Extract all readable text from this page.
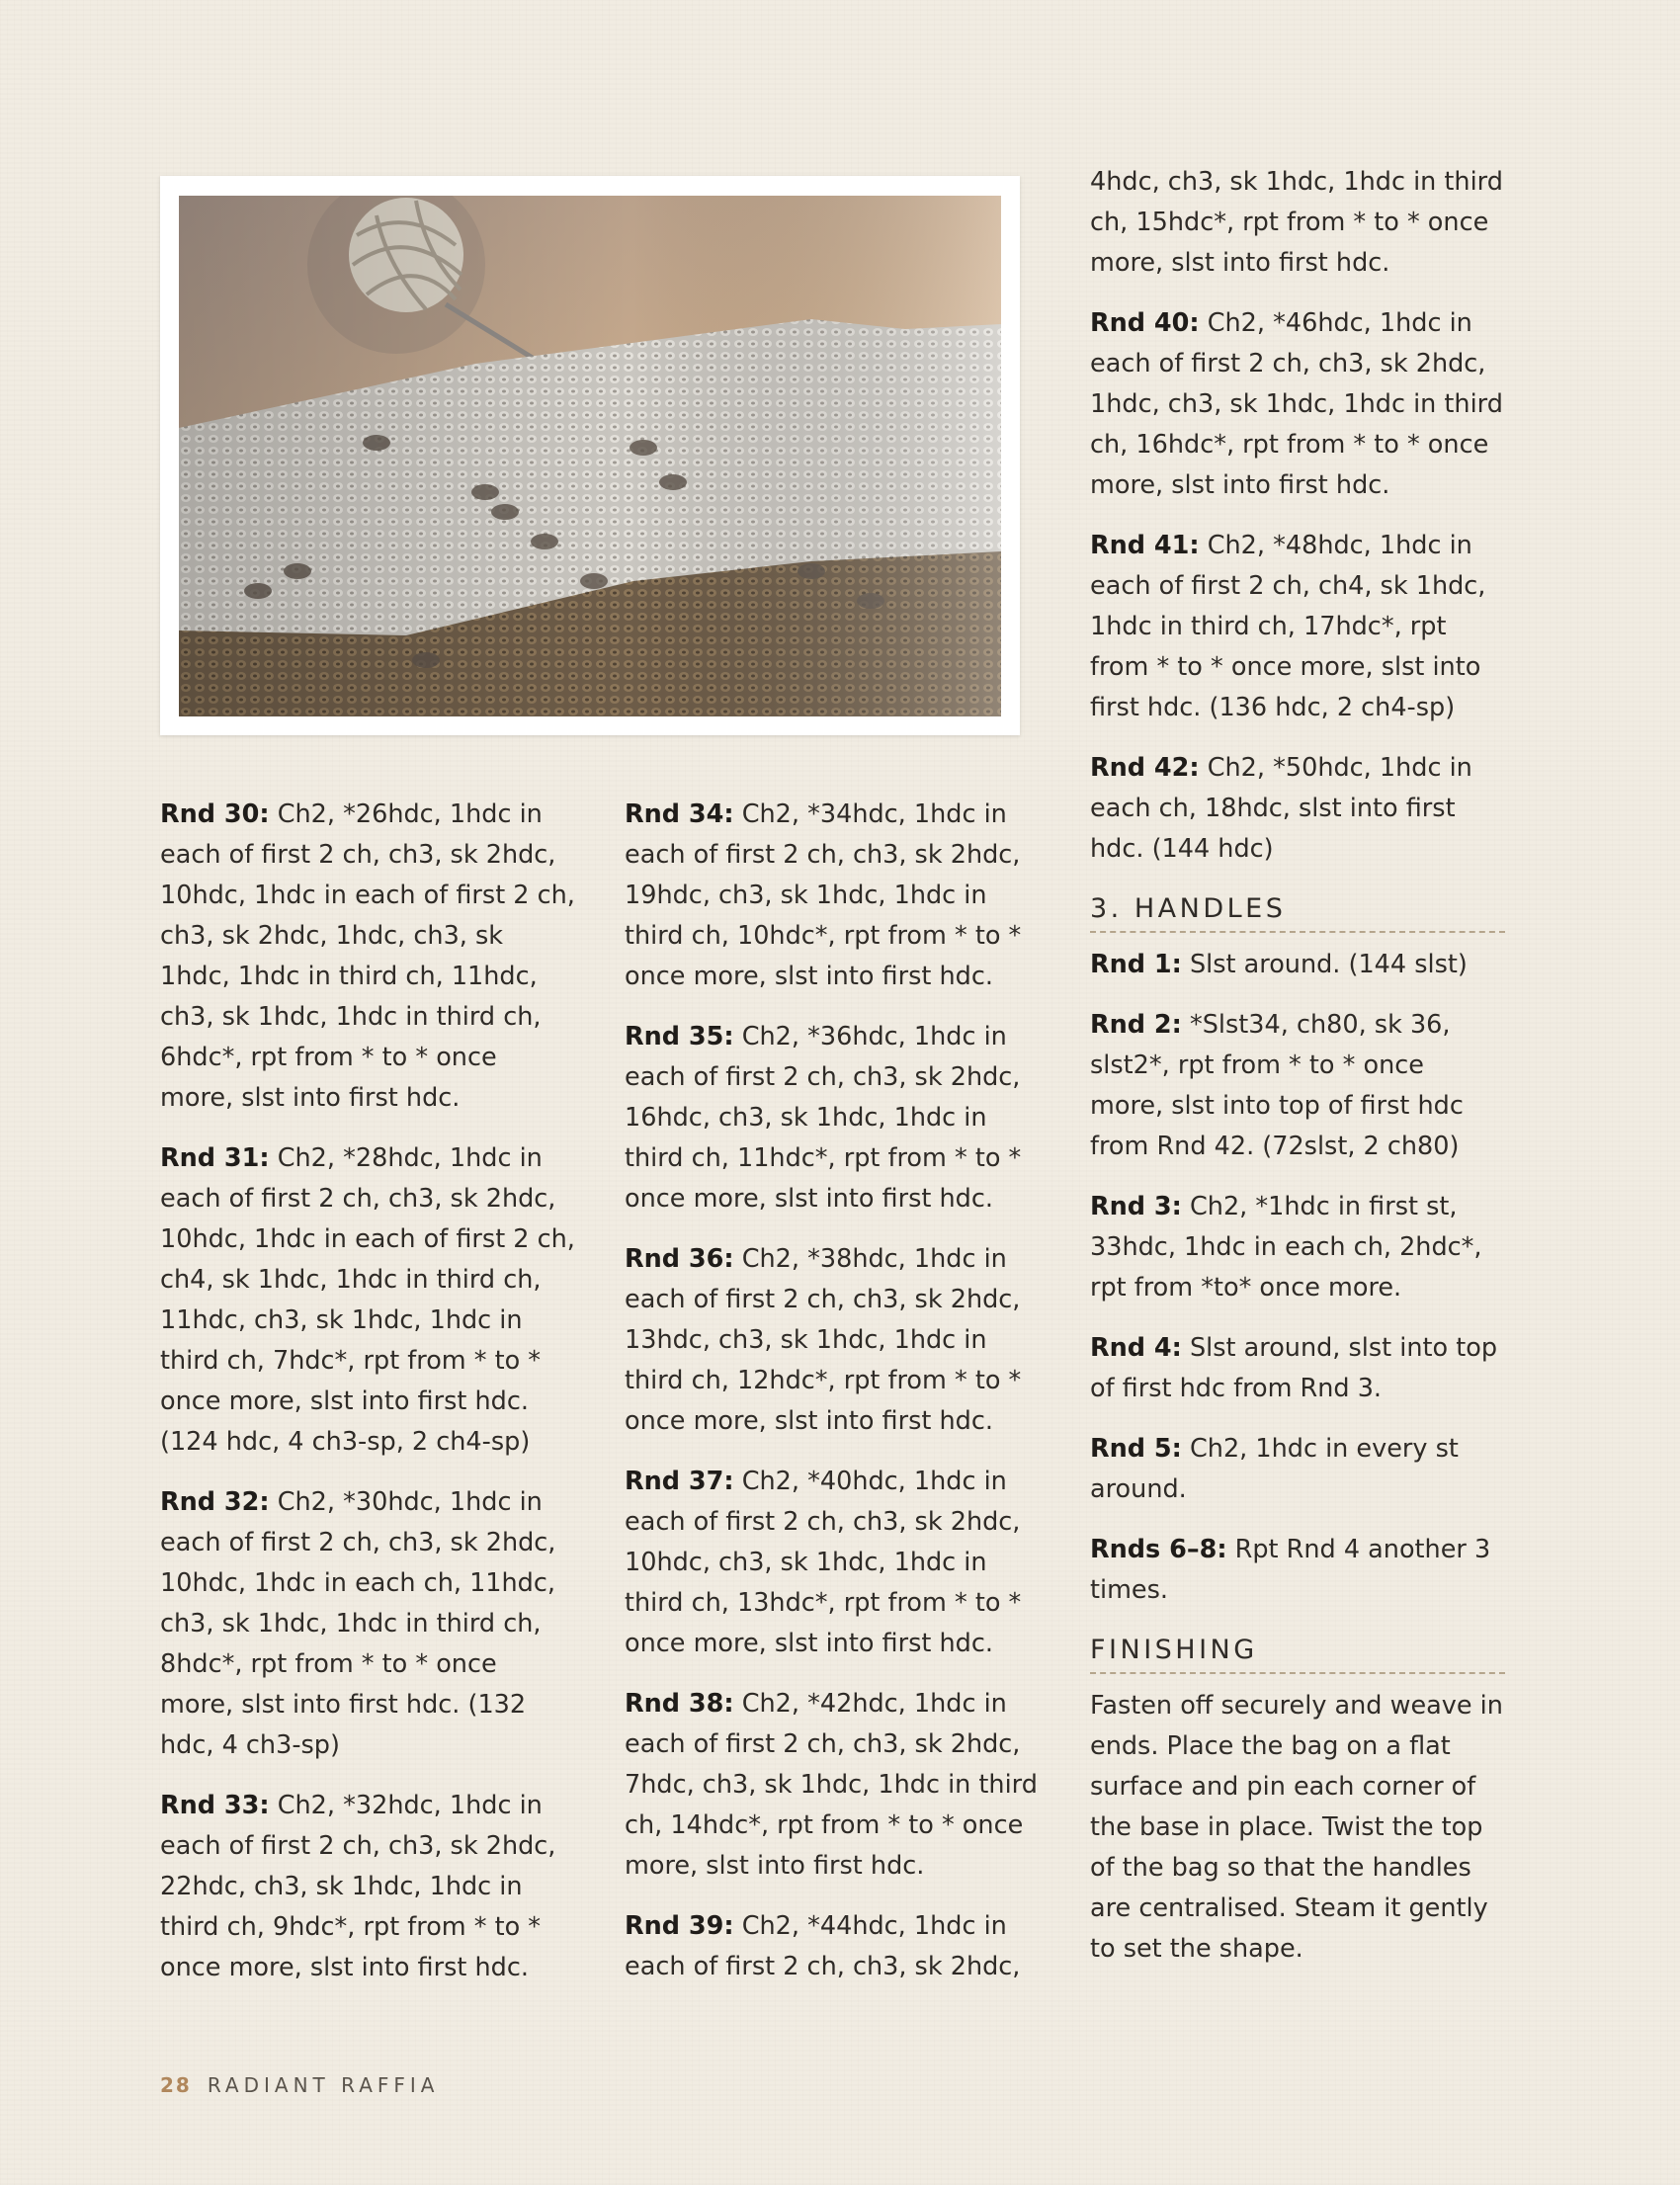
Rnd 30: Ch2, *26hdc, 1hdc in each of first 2 ch, ch3, sk 2hdc, 10hdc, 1hdc in each of first 2 ch, ch3, sk 2hdc, 1hdc, ch3, sk 1hdc, 1hdc in third ch, 11hdc, ch3, sk 1hdc, 1hdc in third ch, 6hdc*, rpt from * to * once more, slst into first hdc.

Rnd 31: Ch2, *28hdc, 1hdc in each of first 2 ch, ch3, sk 2hdc, 10hdc, 1hdc in each of first 2 ch, ch4, sk 1hdc, 1hdc in third ch, 11hdc, ch3, sk 1hdc, 1hdc in third ch, 7hdc*, rpt from * to * once more, slst into first hdc. (124 hdc, 4 ch3-sp, 2 ch4-sp)

Rnd 32: Ch2, *30hdc, 1hdc in each of first 2 ch, ch3, sk 2hdc, 10hdc, 1hdc in each ch, 11hdc, ch3, sk 1hdc, 1hdc in third ch, 8hdc*, rpt from * to * once more, slst into first hdc. (132 hdc, 4 ch3-sp)

Rnd 33: Ch2, *32hdc, 1hdc in each of first 2 ch, ch3, sk 2hdc, 22hdc, ch3, sk 1hdc, 1hdc in third ch, 9hdc*, rpt from * to * once more, slst into first hdc.

Rnd 34: Ch2, *34hdc, 1hdc in each of first 2 ch, ch3, sk 2hdc, 19hdc, ch3, sk 1hdc, 1hdc in third ch, 10hdc*, rpt from * to * once more, slst into first hdc.

Rnd 35: Ch2, *36hdc, 1hdc in each of first 2 ch, ch3, sk 2hdc, 16hdc, ch3, sk 1hdc, 1hdc in third ch, 11hdc*, rpt from * to * once more, slst into first hdc.

Rnd 36: Ch2, *38hdc, 1hdc in each of first 2 ch, ch3, sk 2hdc, 13hdc, ch3, sk 1hdc, 1hdc in third ch, 12hdc*, rpt from * to * once more, slst into first hdc.

Rnd 37: Ch2, *40hdc, 1hdc in each of first 2 ch, ch3, sk 2hdc, 10hdc, ch3, sk 1hdc, 1hdc in third ch, 13hdc*, rpt from * to * once more, slst into first hdc.

Rnd 38: Ch2, *42hdc, 1hdc in each of first 2 ch, ch3, sk 2hdc, 7hdc, ch3, sk 1hdc, 1hdc in third ch, 14hdc*, rpt from * to * once more, slst into first hdc.

Rnd 39: Ch2, *44hdc, 1hdc in each of first 2 ch, ch3, sk 2hdc,

4hdc, ch3, sk 1hdc, 1hdc in third ch, 15hdc*, rpt from * to * once more, slst into first hdc.

Rnd 40: Ch2, *46hdc, 1hdc in each of first 2 ch, ch3, sk 2hdc, 1hdc, ch3, sk 1hdc, 1hdc in third ch, 16hdc*, rpt from * to * once more, slst into first hdc.

Rnd 41: Ch2, *48hdc, 1hdc in each of first 2 ch, ch4, sk 1hdc, 1hdc in third ch, 17hdc*, rpt from * to * once more, slst into first hdc. (136 hdc, 2 ch4-sp)

Rnd 42: Ch2, *50hdc, 1hdc in each ch, 18hdc, slst into first hdc. (144 hdc)

3. HANDLES

Rnd 1: Slst around. (144 slst)

Rnd 2: *Slst34, ch80, sk 36, slst2*, rpt from * to * once more, slst into top of first hdc from Rnd 42. (72slst, 2 ch80)

Rnd 3: Ch2, *1hdc in first st, 33hdc, 1hdc in each ch, 2hdc*, rpt from *to* once more.

Rnd 4: Slst around, slst into top of first hdc from Rnd 3.

Rnd 5: Ch2, 1hdc in every st around.

Rnds 6–8: Rpt Rnd 4 another 3 times.

FINISHING

Fasten off securely and weave in ends. Place the bag on a flat surface and pin each corner of the base in place. Twist the top of the bag so that the handles are centralised. Steam it gently to set the shape.

28 RADIANT RAFFIA
